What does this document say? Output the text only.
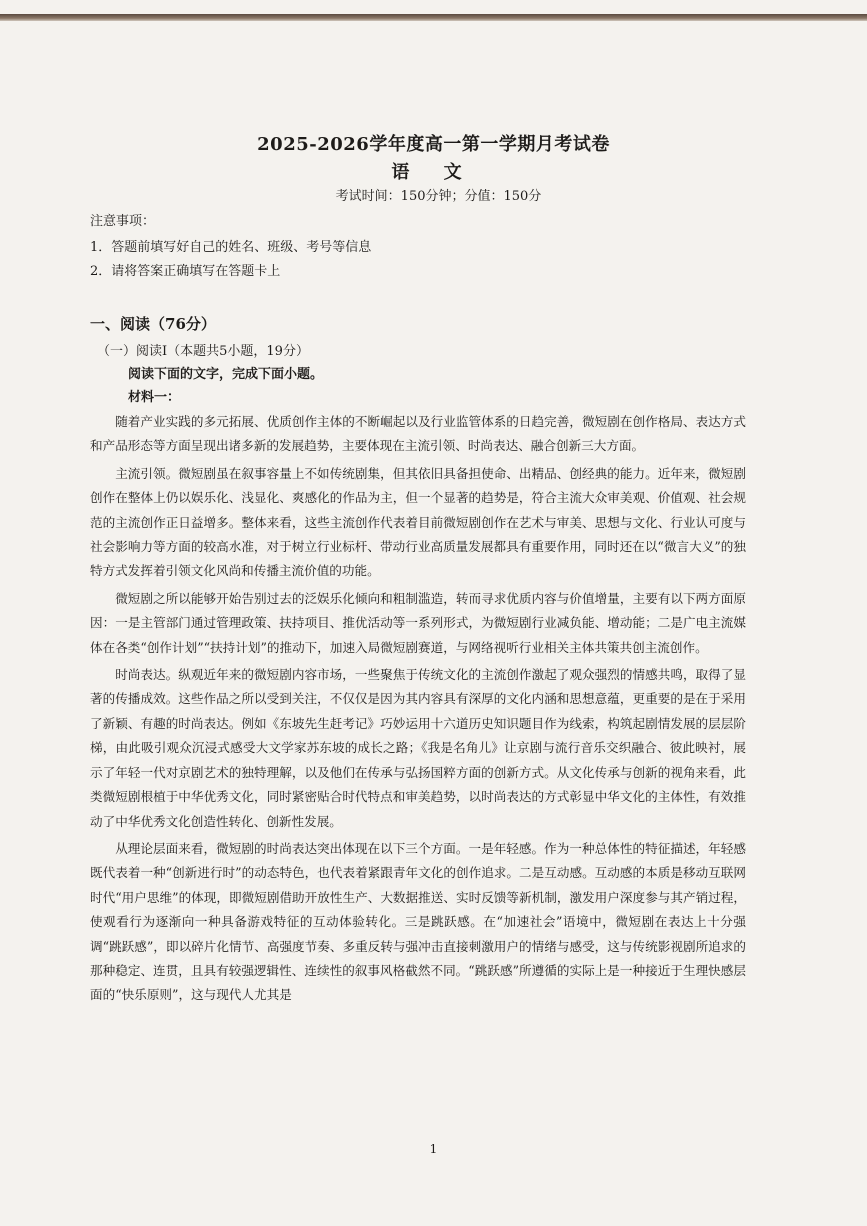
2025-2026学年度高一第一学期月考试卷
语 文
考试时间：150分钟；分值：150分
注意事项：
1．答题前填写好自己的姓名、班级、考号等信息
2．请将答案正确填写在答题卡上
一、阅读（76分）
（一）阅读Ⅰ（本题共5小题，19分）
阅读下面的文字，完成下面小题。
材料一：

随着产业实践的多元拓展、优质创作主体的不断崛起以及行业监管体系的日趋完善，微短剧在创作格局、表达方式和产品形态等方面呈现出诸多新的发展趋势，主要体现在主流引领、时尚表达、融合创新三大方面。

主流引领。微短剧虽在叙事容量上不如传统剧集，但其依旧具备担使命、出精品、创经典的能力。近年来，微短剧创作在整体上仍以娱乐化、浅显化、爽感化的作品为主，但一个显著的趋势是，符合主流大众审美观、价值观、社会规范的主流创作正日益增多。整体来看，这些主流创作代表着目前微短剧创作在艺术与审美、思想与文化、行业认可度与社会影响力等方面的较高水准，对于树立行业标杆、带动行业高质量发展都具有重要作用，同时还在以“微言大义”的独特方式发挥着引领文化风尚和传播主流价值的功能。

微短剧之所以能够开始告别过去的泛娱乐化倾向和粗制滥造，转而寻求优质内容与价值增量，主要有以下两方面原因：一是主管部门通过管理政策、扶持项目、推优活动等一系列形式，为微短剧行业减负能、增动能；二是广电主流媒体在各类“创作计划”“扶持计划”的推动下，加速入局微短剧赛道，与网络视听行业相关主体共策共创主流创作。

时尚表达。纵观近年来的微短剧内容市场，一些聚焦于传统文化的主流创作激起了观众强烈的情感共鸣，取得了显著的传播成效。这些作品之所以受到关注，不仅仅是因为其内容具有深厚的文化内涵和思想意蕴，更重要的是在于采用了新颖、有趣的时尚表达。例如《东坡先生赶考记》巧妙运用十六道历史知识题目作为线索，构筑起剧情发展的层层阶梯，由此吸引观众沉浸式感受大文学家苏东坡的成长之路；《我是名角儿》让京剧与流行音乐交织融合、彼此映衬，展示了年轻一代对京剧艺术的独特理解，以及他们在传承与弘扬国粹方面的创新方式。从文化传承与创新的视角来看，此类微短剧根植于中华优秀文化，同时紧密贴合时代特点和审美趋势，以时尚表达的方式彰显中华文化的主体性，有效推动了中华优秀文化创造性转化、创新性发展。

从理论层面来看，微短剧的时尚表达突出体现在以下三个方面。一是年轻感。作为一种总体性的特征描述，年轻感既代表着一种“创新进行时”的动态特色，也代表着紧跟青年文化的创作追求。二是互动感。互动感的本质是移动互联网时代“用户思维”的体现，即微短剧借助开放性生产、大数据推送、实时反馈等新机制，激发用户深度参与其产销过程，使观看行为逐渐向一种具备游戏特征的互动体验转化。三是跳跃感。在“加速社会”语境中，微短剧在表达上十分强调“跳跃感”，即以碎片化情节、高强度节奏、多重反转与强冲击直接刺激用户的情绪与感受，这与传统影视剧所追求的那种稳定、连贯，且具有较强逻辑性、连续性的叙事风格截然不同。“跳跃感”所遵循的实际上是一种接近于生理快感层面的“快乐原则”，这与现代人尤其是

1
